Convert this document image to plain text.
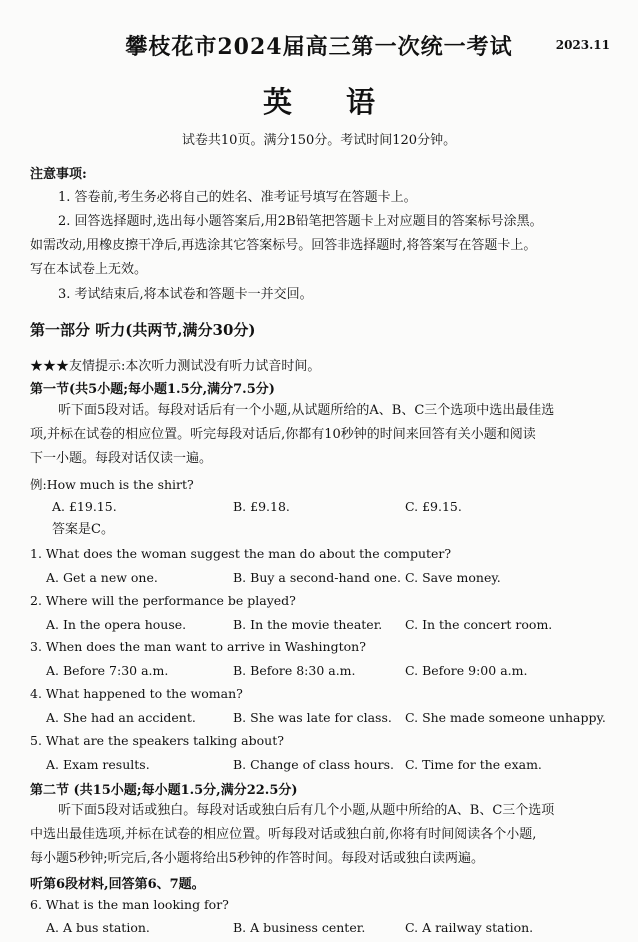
攀枝花市2024届高三第一次统一考试	2023.11
英 语
试卷共10页。满分150分。考试时间120分钟。
注意事项:
1. 答卷前,考生务必将自己的姓名、准考证号填写在答题卡上。
2. 回答选择题时,选出每小题答案后,用2B铅笔把答题卡上对应题目的答案标号涂黑。
如需改动,用橡皮擦干净后,再选涂其它答案标号。回答非选择题时,将答案写在答题卡上。
写在本试卷上无效。
3. 考试结束后,将本试卷和答题卡一并交回。
第一部分 听力(共两节,满分30分)
★★★友情提示:本次听力测试没有听力试音时间。
第一节(共5小题;每小题1.5分,满分7.5分)
听下面5段对话。每段对话后有一个小题,从试题所给的A、B、C三个选项中选出最佳选
项,并标在试卷的相应位置。听完每段对话后,你都有10秒钟的时间来回答有关小题和阅读
下一小题。每段对话仅读一遍。
例:How much is the shirt?
A. £19.15.	B. £9.18.	C. £9.15.
答案是C。
1. What does the woman suggest the man do about the computer?
A. Get a new one.	B. Buy a second-hand one. C. Save money.
2. Where will the performance be played?
A. In the opera house.	B. In the movie theater. C. In the concert room.
3. When does the man want to arrive in Washington?
A. Before 7:30 a.m.	B. Before 8:30 a.m.	C. Before 9:00 a.m.
4. What happened to the woman?
A. She had an accident.	B. She was late for class. C. She made someone unhappy.
5. What are the speakers talking about?
A. Exam results.	B. Change of class hours. C. Time for the exam.
第二节 (共15小题;每小题1.5分,满分22.5分)
听下面5段对话或独白。每段对话或独白后有几个小题,从题中所给的A、B、C三个选项
中选出最佳选项,并标在试卷的相应位置。听每段对话或独白前,你将有时间阅读各个小题,
每小题5秒钟;听完后,各小题将给出5秒钟的作答时间。每段对话或独白读两遍。
听第6段材料,回答第6、7题。
6. What is the man looking for?
A. A bus station.	B. A business center.	C. A railway station.
